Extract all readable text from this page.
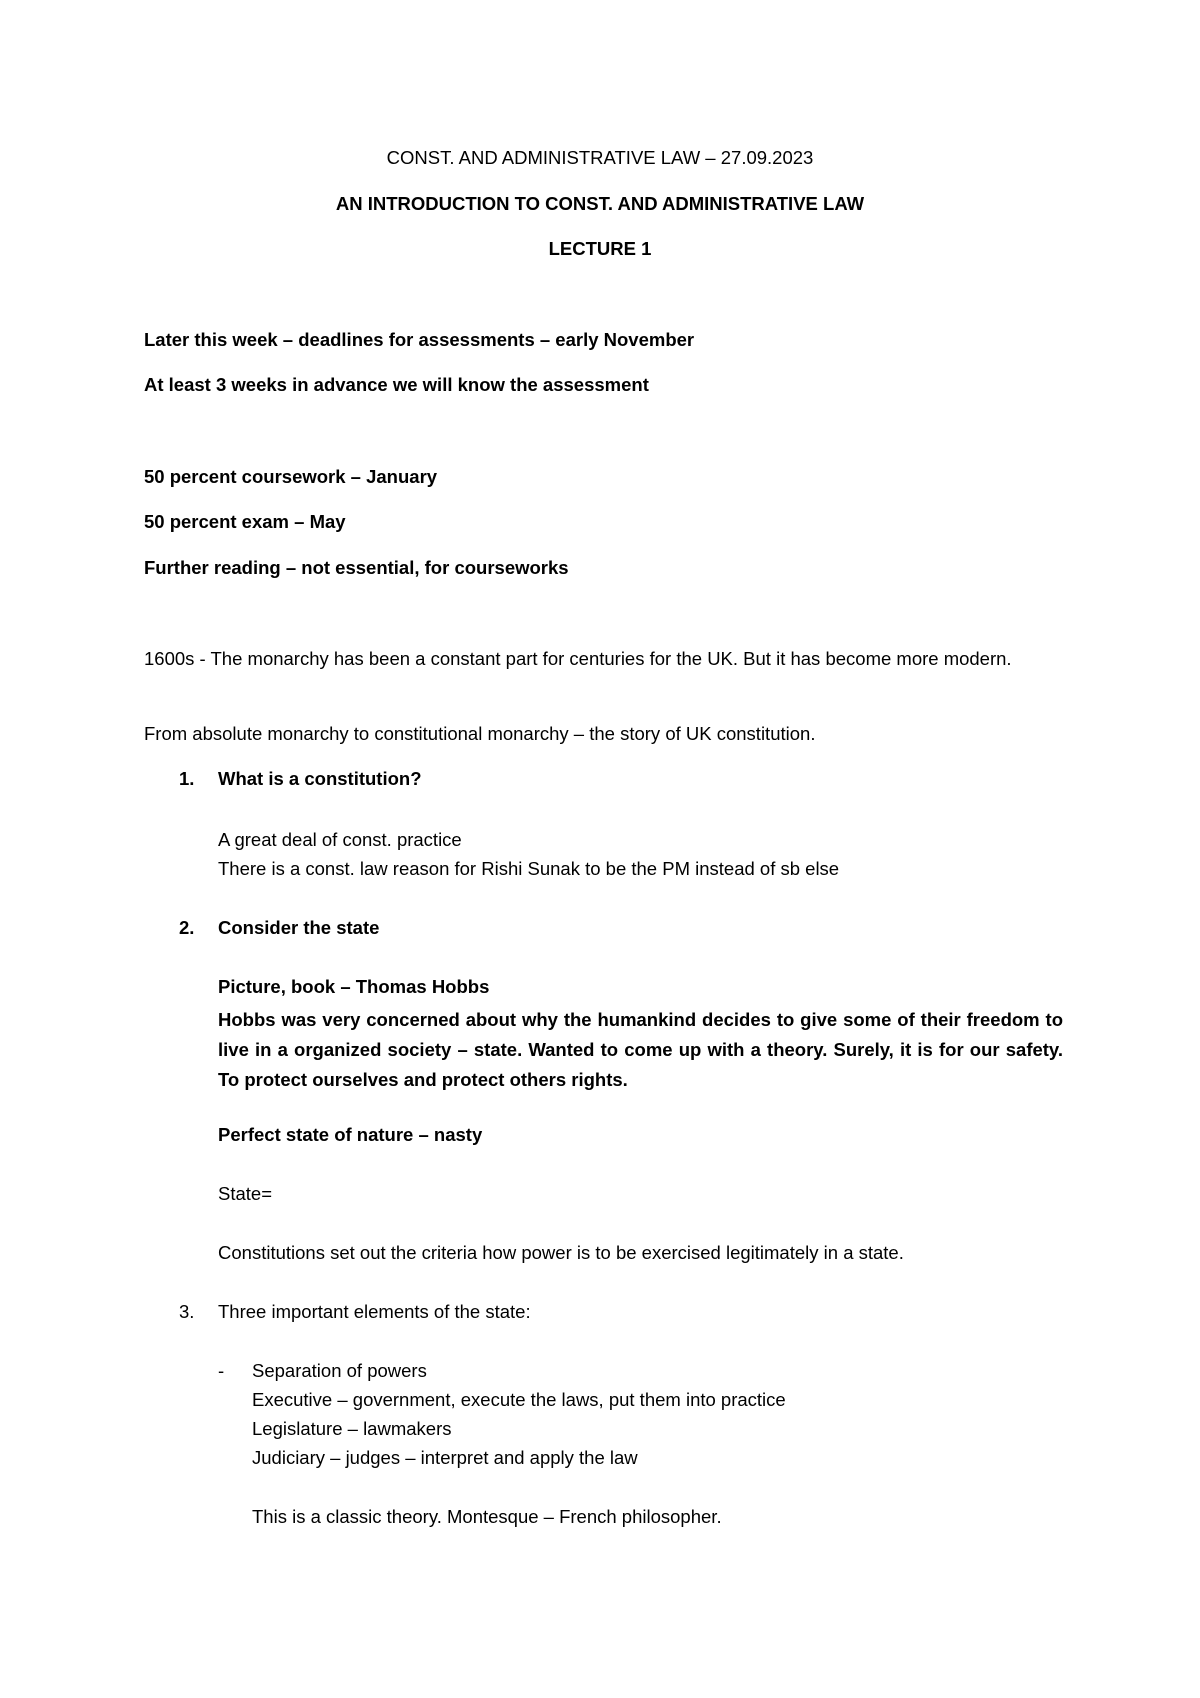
CONST. AND ADMINISTRATIVE LAW – 27.09.2023
AN INTRODUCTION TO CONST. AND ADMINISTRATIVE LAW
LECTURE 1
Later this week – deadlines for assessments – early November
At least 3 weeks in advance we will know the assessment
50 percent coursework – January
50 percent exam – May
Further reading – not essential, for courseworks
1600s - The monarchy has been a constant part for centuries for the UK. But it has become more modern.
From absolute monarchy to constitutional monarchy – the story of UK constitution.
1. What is a constitution?
A great deal of const. practice
There is a const. law reason for Rishi Sunak to be the PM instead of sb else
2. Consider the state
Picture, book – Thomas Hobbs
Hobbs was very concerned about why the humankind decides to give some of their freedom to live in a organized society – state. Wanted to come up with a theory. Surely, it is for our safety. To protect ourselves and protect others rights.
Perfect state of nature – nasty
State=
Constitutions set out the criteria how power is to be exercised legitimately in a state.
3. Three important elements of the state:
- Separation of powers
Executive – government, execute the laws, put them into practice
Legislature – lawmakers
Judiciary – judges – interpret and apply the law
This is a classic theory. Montesque – French philosopher.
